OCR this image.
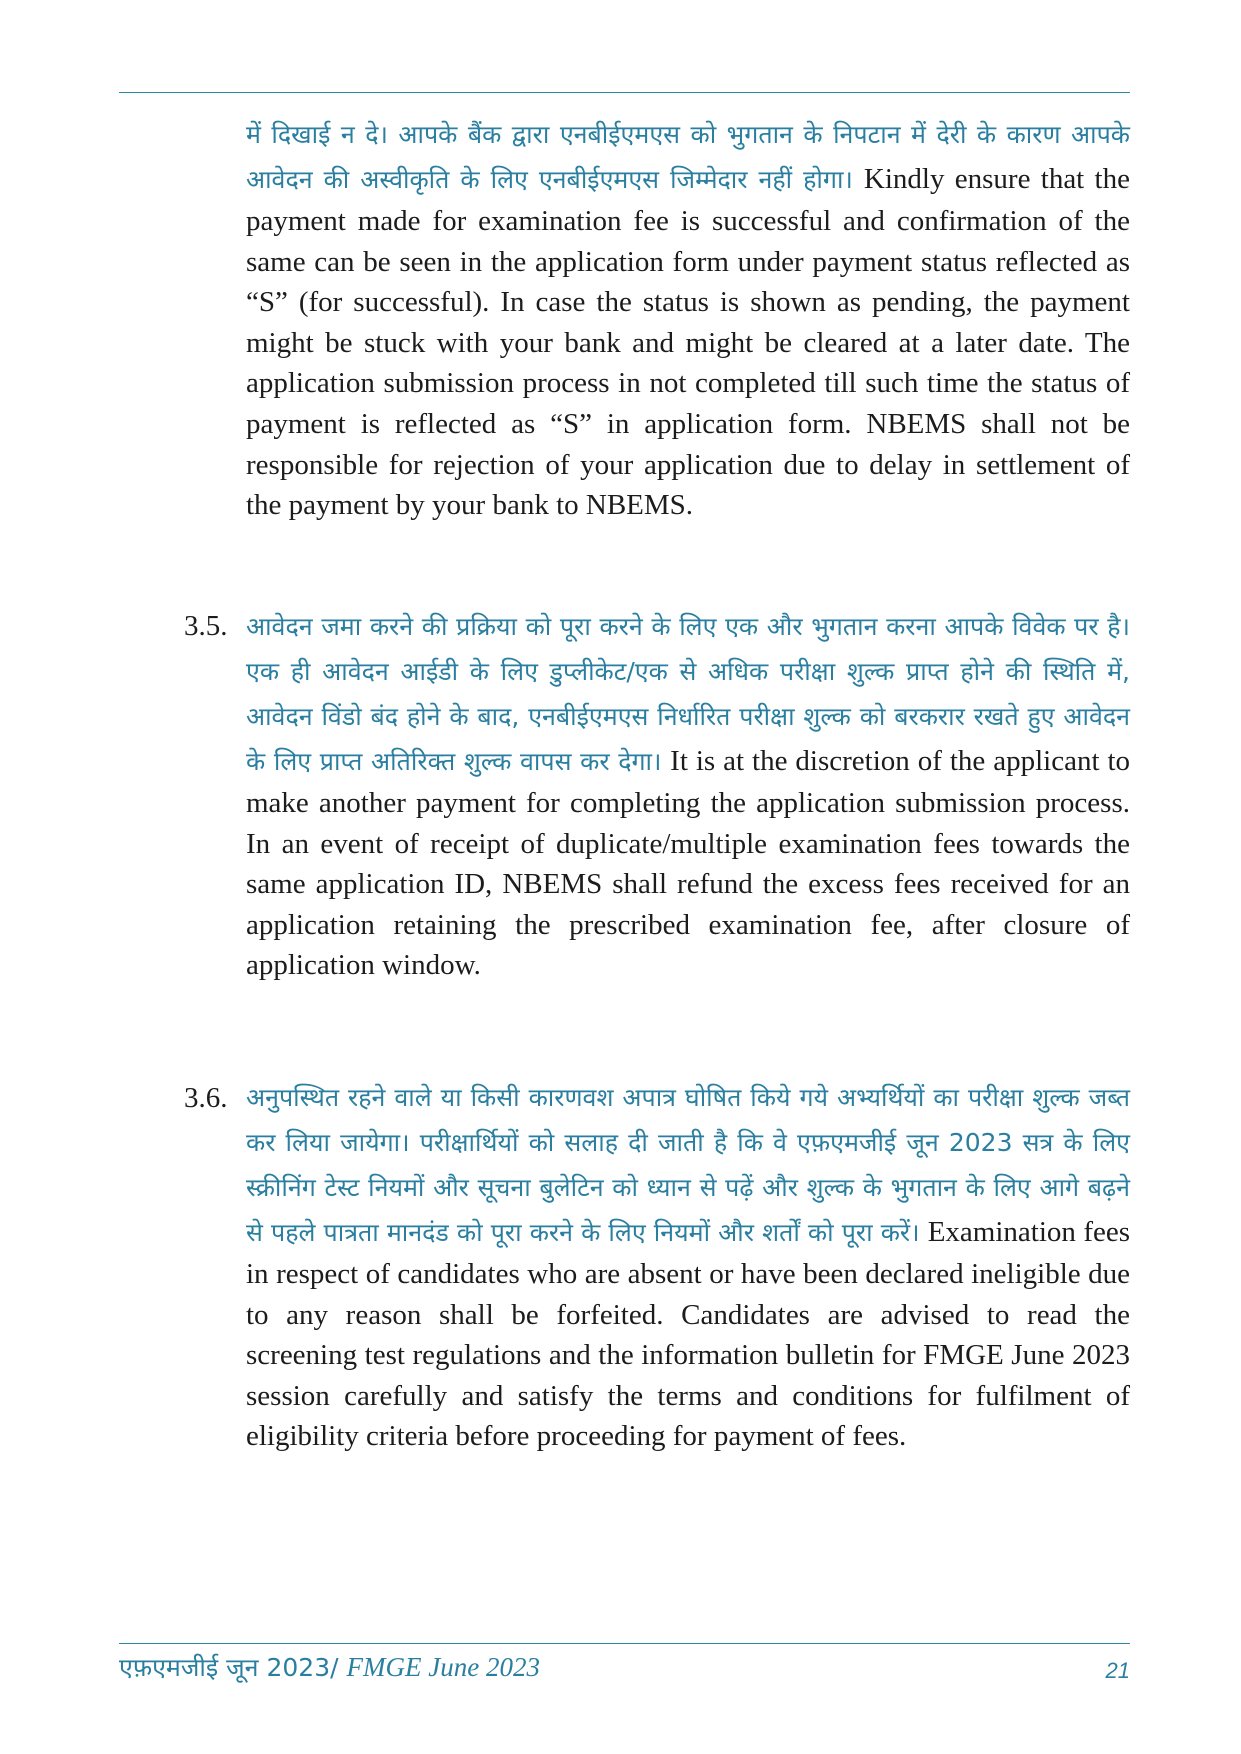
में दिखाई न दे। आपके बैंक द्वारा एनबीईएमएस को भुगतान के निपटान में देरी के कारण आपके आवेदन की अस्वीकृति के लिए एनबीईएमएस जिम्मेदार नहीं होगा। Kindly ensure that the payment made for examination fee is successful and confirmation of the same can be seen in the application form under payment status reflected as “S” (for successful). In case the status is shown as pending, the payment might be stuck with your bank and might be cleared at a later date. The application submission process in not completed till such time the status of payment is reflected as “S” in application form. NBEMS shall not be responsible for rejection of your application due to delay in settlement of the payment by your bank to NBEMS.
3.5. आवेदन जमा करने की प्रक्रिया को पूरा करने के लिए एक और भुगतान करना आपके विवेक पर है। एक ही आवेदन आईडी के लिए डुप्लीकेट/एक से अधिक परीक्षा शुल्क प्राप्त होने की स्थिति में, आवेदन विंडो बंद होने के बाद, एनबीईएमएस निर्धारित परीक्षा शुल्क को बरकरार रखते हुए आवेदन के लिए प्राप्त अतिरिक्त शुल्क वापस कर देगा। It is at the discretion of the applicant to make another payment for completing the application submission process. In an event of receipt of duplicate/multiple examination fees towards the same application ID, NBEMS shall refund the excess fees received for an application retaining the prescribed examination fee, after closure of application window.
3.6. अनुपस्थित रहने वाले या किसी कारणवश अपात्र घोषित किये गये अभ्यर्थियों का परीक्षा शुल्क जब्त कर लिया जायेगा। परीक्षार्थियों को सलाह दी जाती है कि वे एफ़एमजीई जून 2023 सत्र के लिए स्क्रीनिंग टेस्ट नियमों और सूचना बुलेटिन को ध्यान से पढ़ें और शुल्क के भुगतान के लिए आगे बढ़ने से पहले पात्रता मानदंड को पूरा करने के लिए नियमों और शर्तों को पूरा करें। Examination fees in respect of candidates who are absent or have been declared ineligible due to any reason shall be forfeited. Candidates are advised to read the screening test regulations and the information bulletin for FMGE June 2023 session carefully and satisfy the terms and conditions for fulfilment of eligibility criteria before proceeding for payment of fees.
एफ़एमजीई जून 2023/ FMGE June 2023	21
